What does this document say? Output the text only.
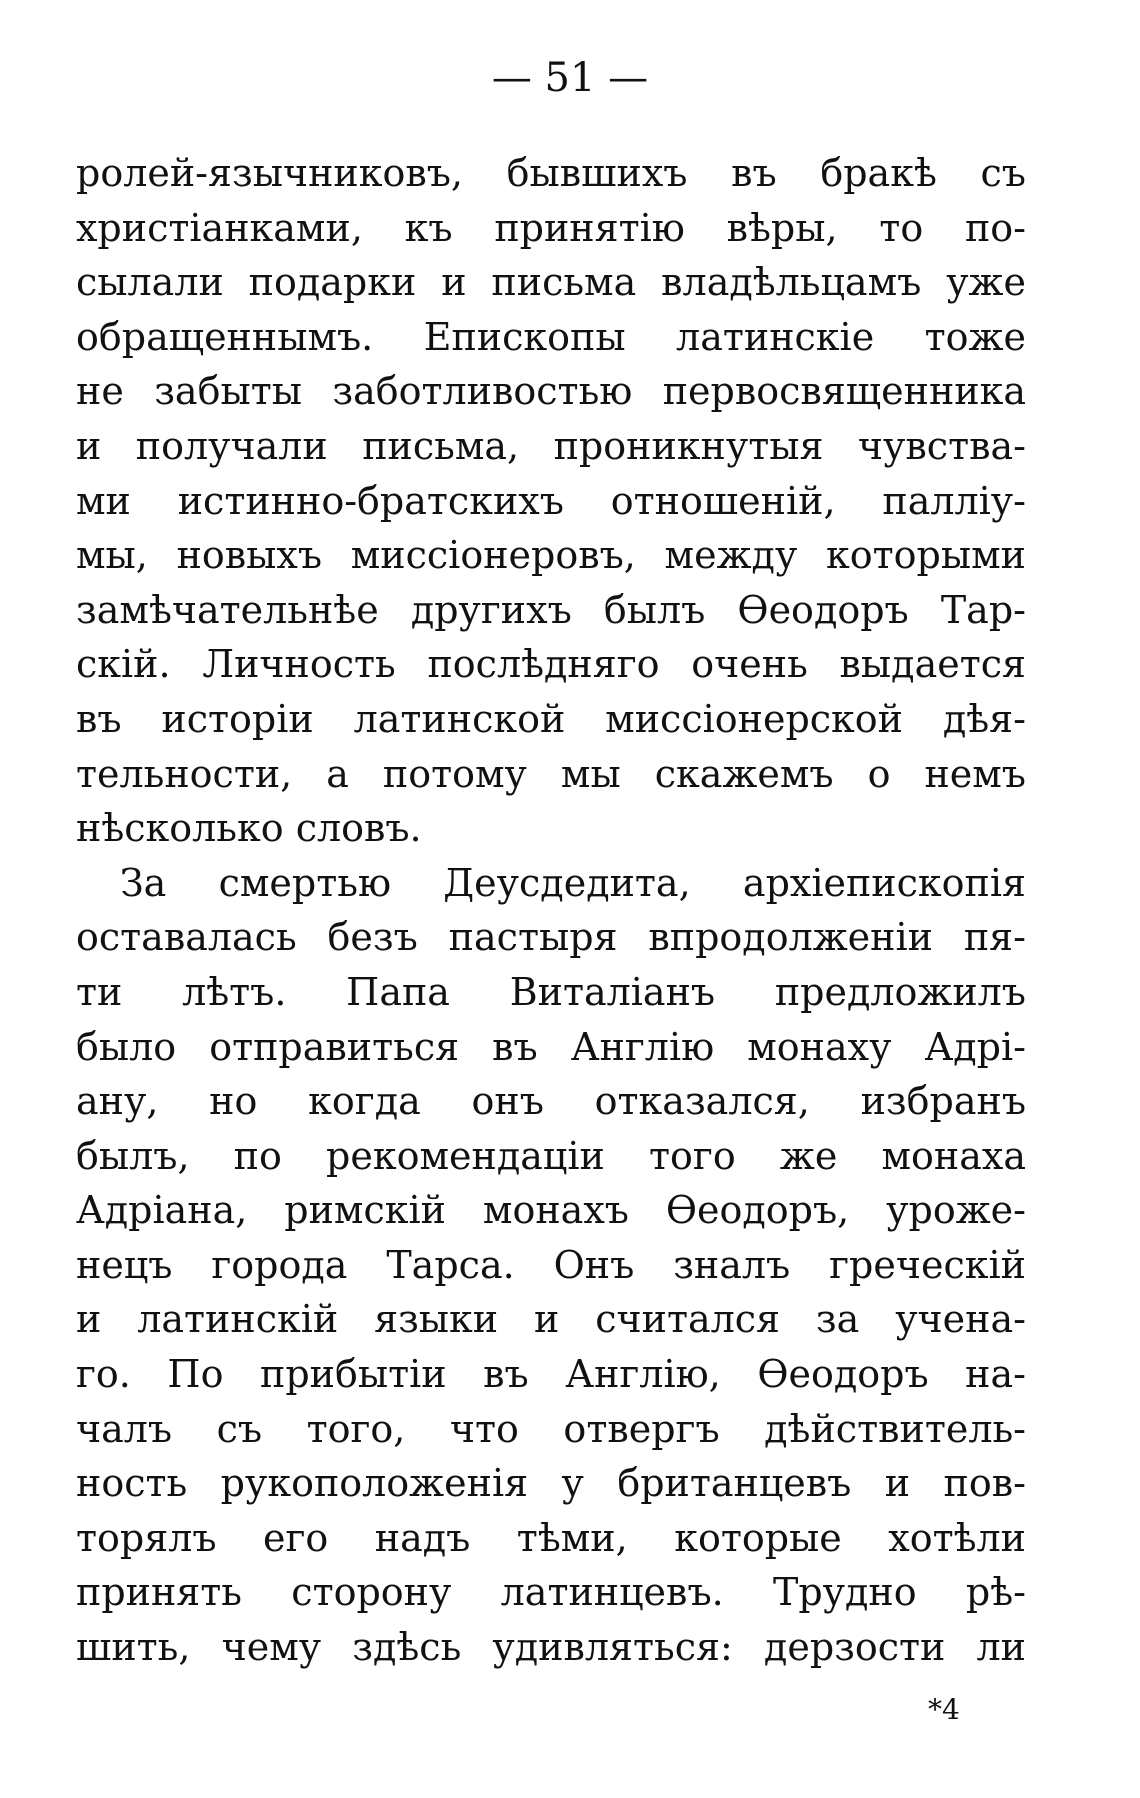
— 51 —
ролей-язычниковъ, бывшихъ въ бракѣ съ
христіанками, къ принятію вѣры, то по-
сылали подарки и письма владѣльцамъ уже
обращеннымъ. Епископы латинскіе тоже
не забыты заботливостью первосвященника
и получали письма, проникнутыя чувства-
ми истинно-братскихъ отношеній, палліу-
мы, новыхъ миссіонеровъ, между которыми
замѣчательнѣе другихъ былъ Ѳеодоръ Тар-
скій. Личность послѣдняго очень выдается
въ исторіи латинской миссіонерской дѣя-
тельности, а потому мы скажемъ о немъ
нѣсколько словъ.
За смертью Деусдедита, архіепископія
оставалась безъ пастыря впродолженіи пя-
ти лѣтъ. Папа Виталіанъ предложилъ
было отправиться въ Англію монаху Адрі-
ану, но когда онъ отказался, избранъ
былъ, по рекомендаціи того же монаха
Адріана, римскій монахъ Ѳеодоръ, уроже-
нецъ города Тарса. Онъ зналъ греческій
и латинскій языки и считался за учена-
го. По прибытіи въ Англію, Ѳеодоръ на-
чалъ съ того, что отвергъ дѣйствитель-
ность рукоположенія у британцевъ и пов-
торялъ его надъ тѣми, которые хотѣли
принять сторону латинцевъ. Трудно рѣ-
шить, чему здѣсь удивляться: дерзости ли
*4
